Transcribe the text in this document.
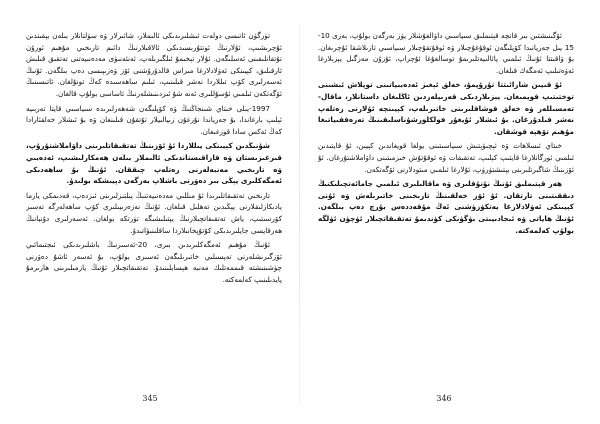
تۈرگۈن ئاتىسى دولەت ئىشلىرىدىكى ئالىملار، شائىرلار ۋە سۈلتانلار بىلەن يېقىندىن ئۇچرىشىپ، ئۇلارنىڭ ئوتتۇرىسىدىكى ئالاقىلارنىڭ دائىم تارىخىي مۇھىم ئورۇن تۇتقانلىقىنى ئەسلىگەن. ئۇلار تېخىمۇ ئىلگىرىلەپ، ئەنئەنىۋى مەدەنىيەتنى تەتقىق قىلىش ئارقىلىق، كېيىنكى ئەۋلادلارغا مىراس قالدۇرۇشنى ئۆز ۋەزىپىسى دەپ بىلگەن. ئۇنىڭ ئەسەرلىرى كۆپ تىللاردا نەشر قىلىنىپ، ئىلىم ساھەسىدە كەڭ تونۇلغان. ئاتىسىنىڭ ئۆگەتكەن ئىلمىي ئۇسۇللىرى ئەنە شۇ ئىزدىنىشلەرنىڭ ئاساسى بولۇپ قالغان.

1997-يىلى خىتاي شىنجاڭنىڭ ۋە كۆپلىگەن شەھەرلىرىدە سىياسىي قايتا تەربىيە ئېلىپ بارغاندا، بۇ جەرياندا نۇرغۇن زىيالىيلار تۇتقۇن قىلىنغان ۋە بۇ ئىشلار خەلقئارادا كەڭ ئەكس سادا قوزغىغان.

شۇنىڭدىن كېيىنكى يىللاردا ئۇ ئۆزىنىڭ تەتقىقاتلىرىنى داۋاملاشتۇرۇپ، قىرغىزىستان ۋە قازاقىستاندىكى ئالىملار بىلەن ھەمكارلىشىپ، ئەدەبىي ۋە تارىخىي مەنبەلەرنى رەتلەپ چىققان. ئۇنىڭ بۇ ساھەدىكى ئەمگەكلىرى يېڭى بىر دەۋرنى باشلاپ بەرگەن دېيىشكە بولىدۇ.

تارىخىي تەتقىقاتلىرىدا ئۇ مىللىي مەدەنىيەتنىڭ يىلتىزلىرىنى ئىزدەپ، قەدىمكى يازما يادىكارلىقلارنى يېڭىدىن تەھلىل قىلغان. ئۇنىڭ نەزەرىيىلىرى كۆپ ساھەلەرگە تەسىر كۆرسىتىپ، ياش تەتقىقاتچىلارنىڭ يېتىلىشىگە تۈرتكە بولغان. ئەسەرلىرى دۇنيانىڭ ھەرقايسى جايلىرىدىكى كۇتۇپخانىلاردا ساقلىنىۋاتىدۇ.

ئۇنىڭ مۇھىم ئەمگەكلىرىدىن بىرى، 20-ئەسىرنىڭ باشلىرىدىكى ئىجتىمائىي ئۆزگىرىشلەرنى تەپسىلىي خاتىرىلىگەن ئەسىرى بولۇپ، بۇ ئەسەر ئاشۇ دەۋرنى چۈشىنىشتە قىممەتلىك مەنبە ھېسابلىنىدۇ. تەتقىقاتچىلار ئۇنىڭ يازمىلىرىنى ھازىرمۇ پايدىلىنىپ كەلمەكتە.

ئۆگىنىشتىن بىر قانچە قېتىملىق سىياسىي داۋالغۇشلار يۈز بەرگەن بولۇپ، بەزى 10-15 يىل جەريانىدا كۆپلىگەن ئوقۇغۇچىلار ۋە ئوقۇتقۇچىلار سىياسىي تازىلاشقا ئۇچرىغان. بۇ ۋاقىتتا ئۇنىڭ ئىلمىي پائالىيەتلىرىمۇ توسالغۇغا ئۇچراپ، ئۇزۇن مەزگىل يېزىلارغا ئەۋەتىلىپ ئەمگەك قىلغان.

ئۇ قىيىن شارائىتتا تۇرۇپمۇ، خەلق ئېغىز ئەدەبىياتىنى توپلاش ئىشىنى توختىتىپ قويمىغان. يېزىلاردىكى قەرىيلەردىن ئاڭلىغان داستانلار، ماقال-تەمسىللەر ۋە خەلق قوشاقلىرىنى خاتىرىلەپ، كېيىنچە ئۇلارنى رەتلەپ نەشر قىلدۇرغان. بۇ ئىشلار ئۇيغۇر فولكلورشۇناسلىقىنىڭ تەرەققىياتىغا مۇھىم تۆھپە قوشقان.

خىتاي ئىسلاھات ۋە ئېچىۋېتىش سىياسىتىنى يولغا قويغاندىن كېيىن، ئۇ قايتىدىن ئىلمىي ئورگانلارغا قايتىپ كېلىپ، تەتقىقات ۋە ئوقۇتۇش خىزمىتىنى داۋاملاشتۇرغان. ئۇ ئۆزىنىڭ شاگىرتلىرىنى يېتىشتۈرۈپ، ئۇلارغا ئىلمىي مىتودلارنى ئۆگەتكەن.

ھەر قېتىملىق ئۇنىڭ نۇتۇقلىرى ۋە ماقالىلىرى ئىلمىي جامائەتچىلىكنىڭ دىققىتىنى تارتقان. ئۇ ئۆز خەلقىنىڭ تارىخىنى خاتىرىلەش ۋە ئۇنى كېيىنكى ئەۋلادلارغا يەتكۈزۈشنى ئەڭ مۇقەددەس بۇرچ دەپ بىلگەن. ئۇنىڭ ھاياتى ۋە ئىجادىيىتى بۈگۈنكى كۈندىمۇ تەتقىقاتچىلار ئۈچۈن ئۈلگە بولۇپ كەلمەكتە.

345	346
